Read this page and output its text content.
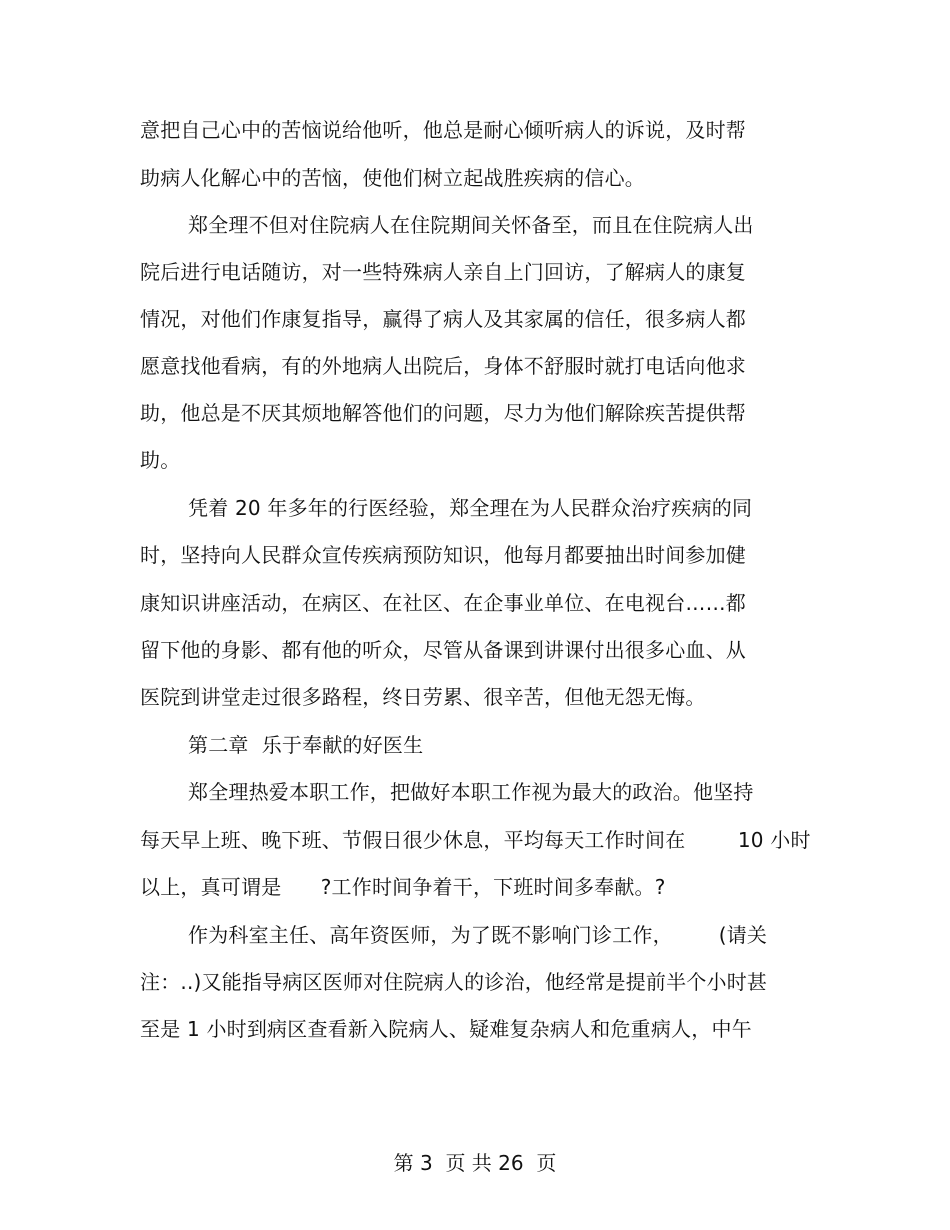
意把自己心中的苦恼说给他听，他总是耐心倾听病人的诉说，及时帮
助病人化解心中的苦恼，使他们树立起战胜疾病的信心。
郑全理不但对住院病人在住院期间关怀备至，而且在住院病人出
院后进行电话随访，对一些特殊病人亲自上门回访，了解病人的康复
情况，对他们作康复指导，赢得了病人及其家属的信任，很多病人都
愿意找他看病，有的外地病人出院后，身体不舒服时就打电话向他求
助，他总是不厌其烦地解答他们的问题，尽力为他们解除疾苦提供帮
助。
凭着 20 年多年的行医经验，郑全理在为人民群众治疗疾病的同
时，坚持向人民群众宣传疾病预防知识，他每月都要抽出时间参加健
康知识讲座活动，在病区、在社区、在企事业单位、在电视台……都
留下他的身影、都有他的听众，尽管从备课到讲课付出很多心血、从
医院到讲堂走过很多路程，终日劳累、很辛苦，但他无怨无悔。
第二章  乐于奉献的好医生
郑全理热爱本职工作，把做好本职工作视为最大的政治。他坚持
每天早上班、晚下班、节假日很少休息，平均每天工作时间在        10 小时
以上，真可谓是      ?工作时间争着干，下班时间多奉献。?
作为科室主任、高年资医师，为了既不影响门诊工作，       (请关
注：..)又能指导病区医师对住院病人的诊治，他经常是提前半个小时甚
至是 1 小时到病区查看新入院病人、疑难复杂病人和危重病人，中午
第 3  页 共 26  页
